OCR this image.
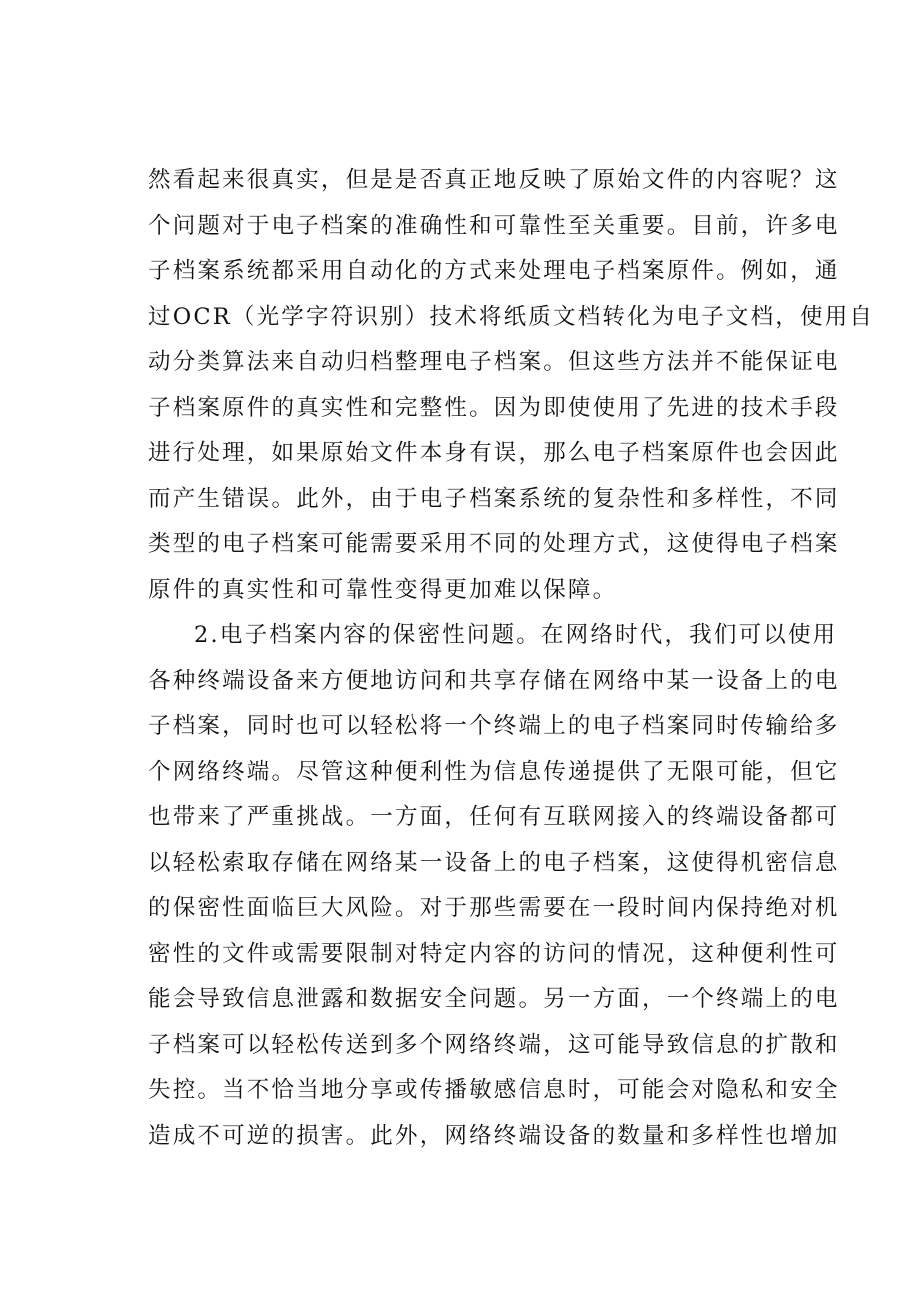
然看起来很真实，但是是否真正地反映了原始文件的内容呢？这
个问题对于电子档案的准确性和可靠性至关重要。目前，许多电
子档案系统都采用自动化的方式来处理电子档案原件。例如，通
过OCR（光学字符识别）技术将纸质文档转化为电子文档，使用自
动分类算法来自动归档整理电子档案。但这些方法并不能保证电
子档案原件的真实性和完整性。因为即使使用了先进的技术手段
进行处理，如果原始文件本身有误，那么电子档案原件也会因此
而产生错误。此外，由于电子档案系统的复杂性和多样性，不同
类型的电子档案可能需要采用不同的处理方式，这使得电子档案
原件的真实性和可靠性变得更加难以保障。
2.电子档案内容的保密性问题。在网络时代，我们可以使用
各种终端设备来方便地访问和共享存储在网络中某一设备上的电
子档案，同时也可以轻松将一个终端上的电子档案同时传输给多
个网络终端。尽管这种便利性为信息传递提供了无限可能，但它
也带来了严重挑战。一方面，任何有互联网接入的终端设备都可
以轻松索取存储在网络某一设备上的电子档案，这使得机密信息
的保密性面临巨大风险。对于那些需要在一段时间内保持绝对机
密性的文件或需要限制对特定内容的访问的情况，这种便利性可
能会导致信息泄露和数据安全问题。另一方面，一个终端上的电
子档案可以轻松传送到多个网络终端，这可能导致信息的扩散和
失控。当不恰当地分享或传播敏感信息时，可能会对隐私和安全
造成不可逆的损害。此外，网络终端设备的数量和多样性也增加
